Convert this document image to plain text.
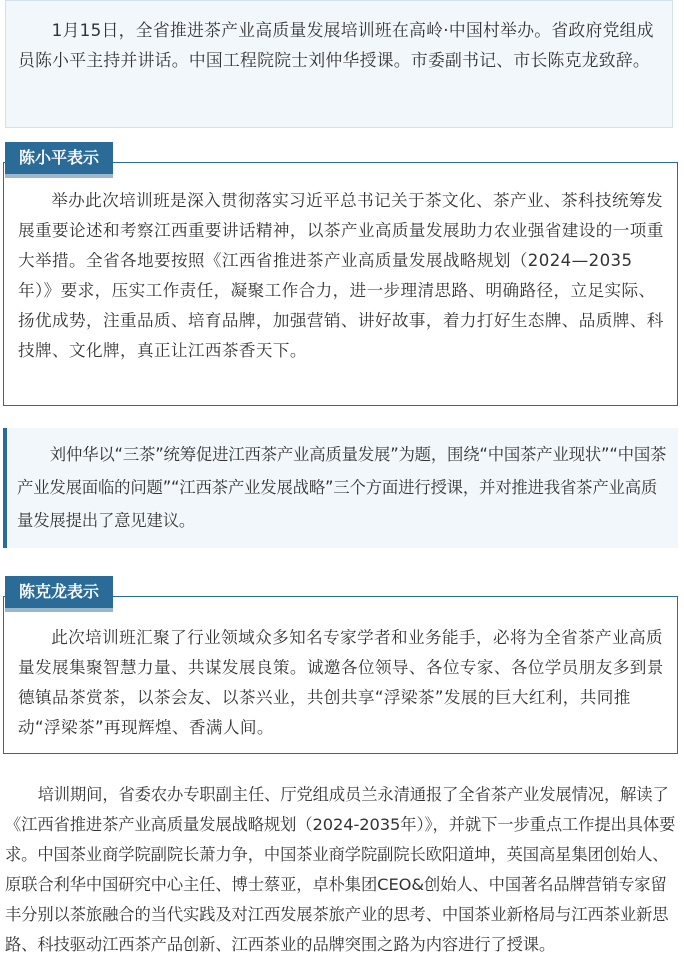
1月15日，全省推进茶产业高质量发展培训班在高岭·中国村举办。省政府党组成员陈小平主持并讲话。中国工程院院士刘仲华授课。市委副书记、市长陈克龙致辞。

陈小平表示

举办此次培训班是深入贯彻落实习近平总书记关于茶文化、茶产业、茶科技统筹发展重要论述和考察江西重要讲话精神，以茶产业高质量发展助力农业强省建设的一项重大举措。全省各地要按照《江西省推进茶产业高质量发展战略规划（2024—2035年）》要求，压实工作责任，凝聚工作合力，进一步理清思路、明确路径，立足实际、扬优成势，注重品质、培育品牌，加强营销、讲好故事，着力打好生态牌、品质牌、科技牌、文化牌，真正让江西茶香天下。

刘仲华以“三茶”统筹促进江西茶产业高质量发展”为题，围绕“中国茶产业现状”“中国茶产业发展面临的问题”“江西茶产业发展战略”三个方面进行授课，并对推进我省茶产业高质量发展提出了意见建议。

陈克龙表示

此次培训班汇聚了行业领域众多知名专家学者和业务能手，必将为全省茶产业高质量发展集聚智慧力量、共谋发展良策。诚邀各位领导、各位专家、各位学员朋友多到景德镇品茶赏茶，以茶会友、以茶兴业，共创共享“浮梁茶”发展的巨大红利，共同推动“浮梁茶”再现辉煌、香满人间。

培训期间，省委农办专职副主任、厅党组成员兰永清通报了全省茶产业发展情况，解读了《江西省推进茶产业高质量发展战略规划（2024-2035年）》，并就下一步重点工作提出具体要求。中国茶业商学院副院长萧力争，中国茶业商学院副院长欧阳道坤，英国高星集团创始人、原联合利华中国研究中心主任、博士蔡亚，卓朴集团CEO&创始人、中国著名品牌营销专家留丰分别以茶旅融合的当代实践及对江西发展茶旅产业的思考、中国茶业新格局与江西茶业新思路、科技驱动江西茶产品创新、江西茶业的品牌突围之路为内容进行了授课。
